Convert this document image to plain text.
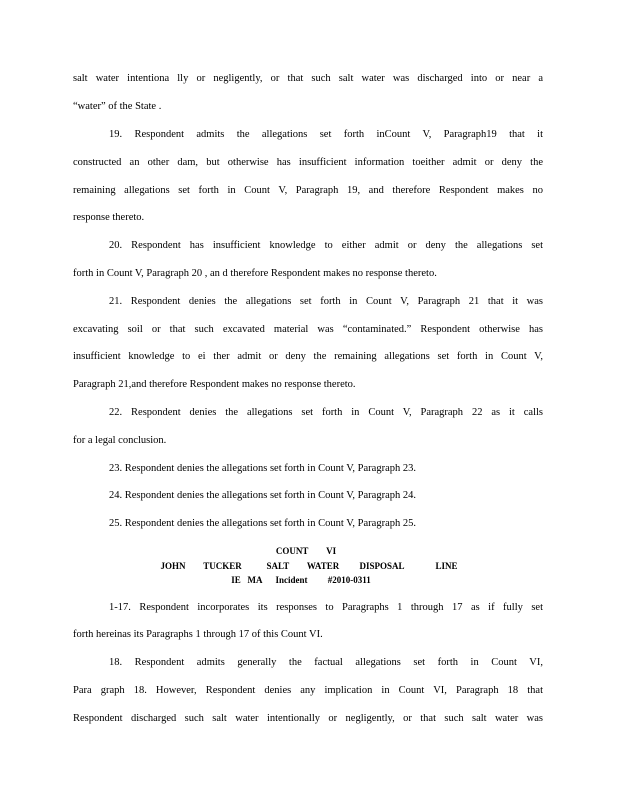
salt water intentiona lly or negligently, or that such salt water was discharged into or near a
“water” of the State .
19. Respondent admits the allegations set forth inCount V, Paragraph19 that it
constructed an other dam, but otherwise has insufficient information toeither admit or deny the
remaining allegations set forth in Count V, Paragraph 19, and therefore Respondent makes no
response thereto.
20. Respondent has insufficient knowledge to either admit or deny the allegations set
forth in Count V, Paragraph 20 , an d therefore Respondent makes no response thereto.
21. Respondent denies the allegations set forth in Count V, Paragraph 21 that it was
excavating soil or that such excavated material was “contaminated.” Respondent otherwise has
insufficient knowledge to ei ther admit or deny the remaining allegations set forth in Count V,
Paragraph 21,and therefore Respondent makes no response thereto.
22. Respondent denies the allegations set forth in Count V, Paragraph 22 as it calls
for a legal conclusion.
23. Respondent denies the allegations set forth in Count V, Paragraph 23.
24. Respondent denies the allegations set forth in Count V, Paragraph 24.
25. Respondent denies the allegations set forth in Count V, Paragraph 25.
COUNT        VI
JOHN        TUCKER           SALT        WATER         DISPOSAL              LINE
IE   MA      Incident         #2010-0311
1-17. Respondent incorporates its responses to Paragraphs 1 through 17 as if fully set
forth hereinas its Paragraphs 1 through 17 of this Count VI.
18. Respondent admits generally the factual allegations set forth in Count VI,
Para graph 18. However, Respondent denies any implication in Count VI, Paragraph 18 that
Respondent discharged such salt water intentionally or negligently, or that such salt water was
